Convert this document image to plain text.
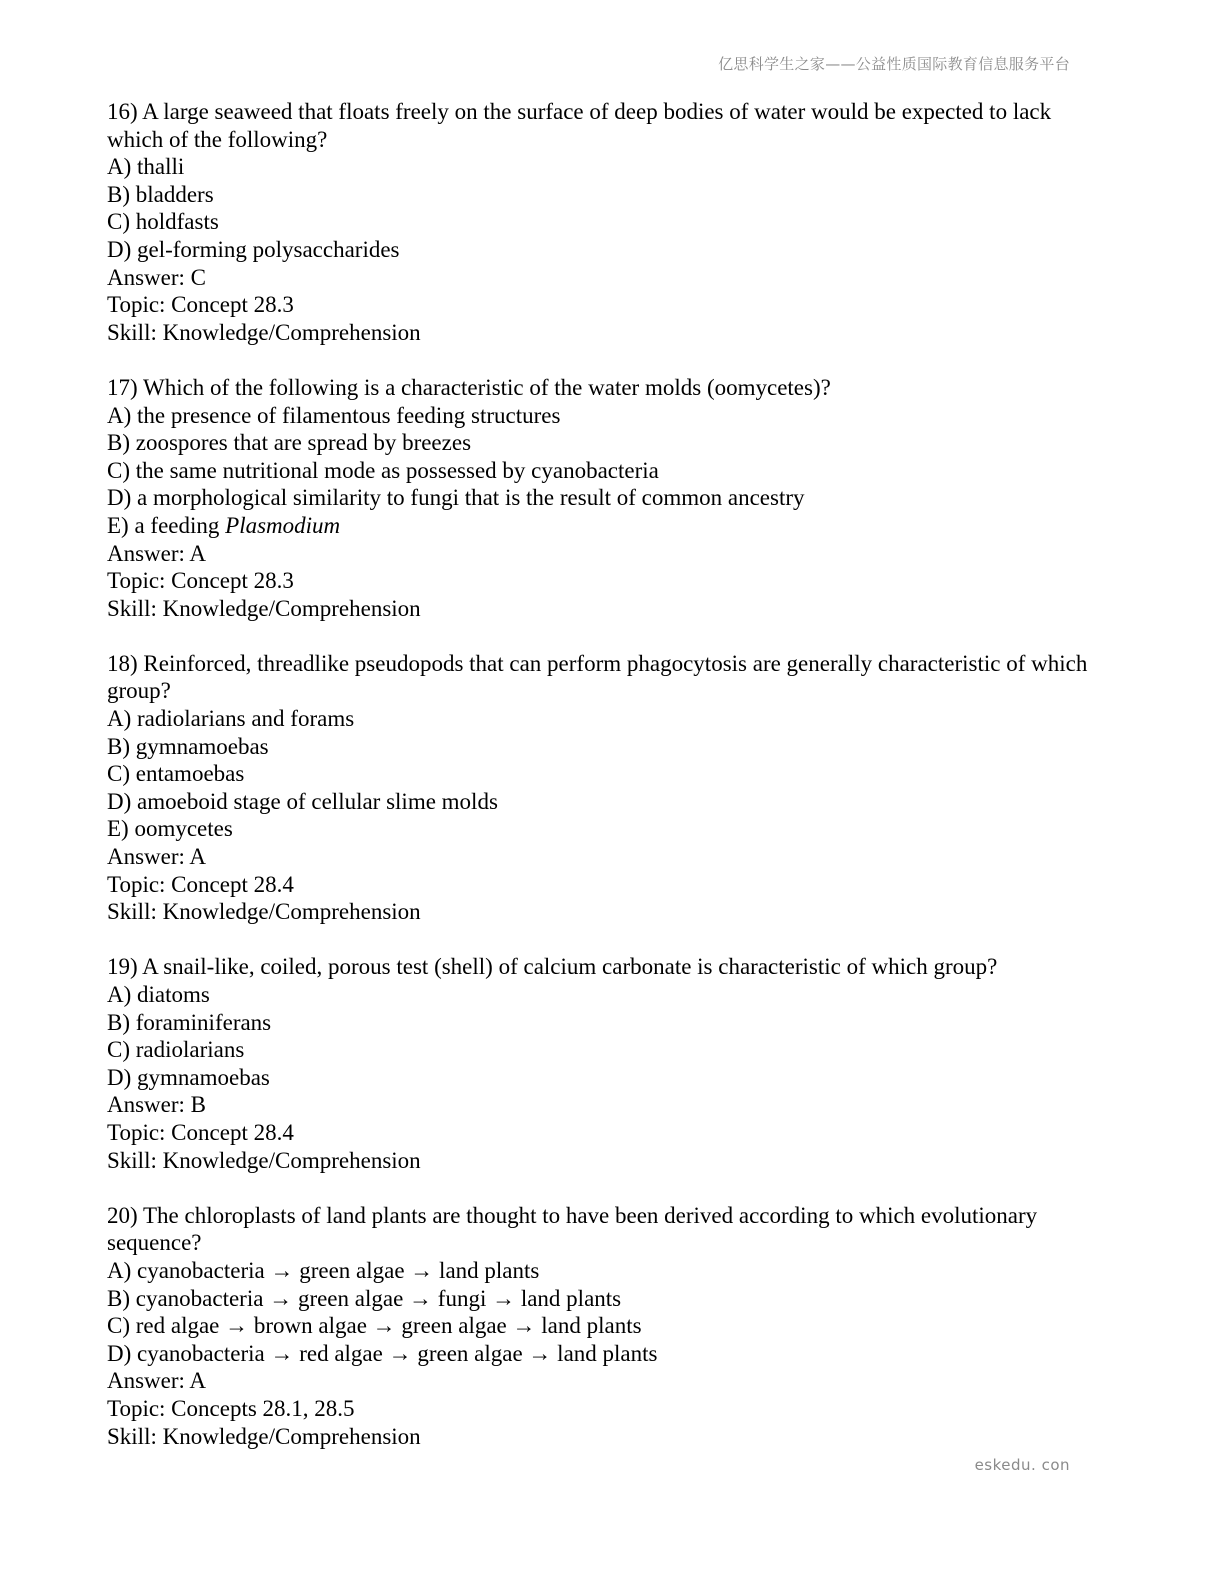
亿思科学生之家——公益性质国际教育信息服务平台
16) A large seaweed that floats freely on the surface of deep bodies of water would be expected to lack which of the following?
A) thalli
B) bladders
C) holdfasts
D) gel-forming polysaccharides
Answer: C
Topic: Concept 28.3
Skill: Knowledge/Comprehension
17) Which of the following is a characteristic of the water molds (oomycetes)?
A) the presence of filamentous feeding structures
B) zoospores that are spread by breezes
C) the same nutritional mode as possessed by cyanobacteria
D) a morphological similarity to fungi that is the result of common ancestry
E) a feeding Plasmodium
Answer: A
Topic: Concept 28.3
Skill: Knowledge/Comprehension
18) Reinforced, threadlike pseudopods that can perform phagocytosis are generally characteristic of which group?
A) radiolarians and forams
B) gymnamoebas
C) entamoebas
D) amoeboid stage of cellular slime molds
E) oomycetes
Answer: A
Topic: Concept 28.4
Skill: Knowledge/Comprehension
19) A snail-like, coiled, porous test (shell) of calcium carbonate is characteristic of which group?
A) diatoms
B) foraminiferans
C) radiolarians
D) gymnamoebas
Answer: B
Topic: Concept 28.4
Skill: Knowledge/Comprehension
20) The chloroplasts of land plants are thought to have been derived according to which evolutionary sequence?
A) cyanobacteria → green algae → land plants
B) cyanobacteria → green algae → fungi → land plants
C) red algae → brown algae → green algae → land plants
D) cyanobacteria → red algae → green algae → land plants
Answer: A
Topic: Concepts 28.1, 28.5
Skill: Knowledge/Comprehension
eskedu. con
